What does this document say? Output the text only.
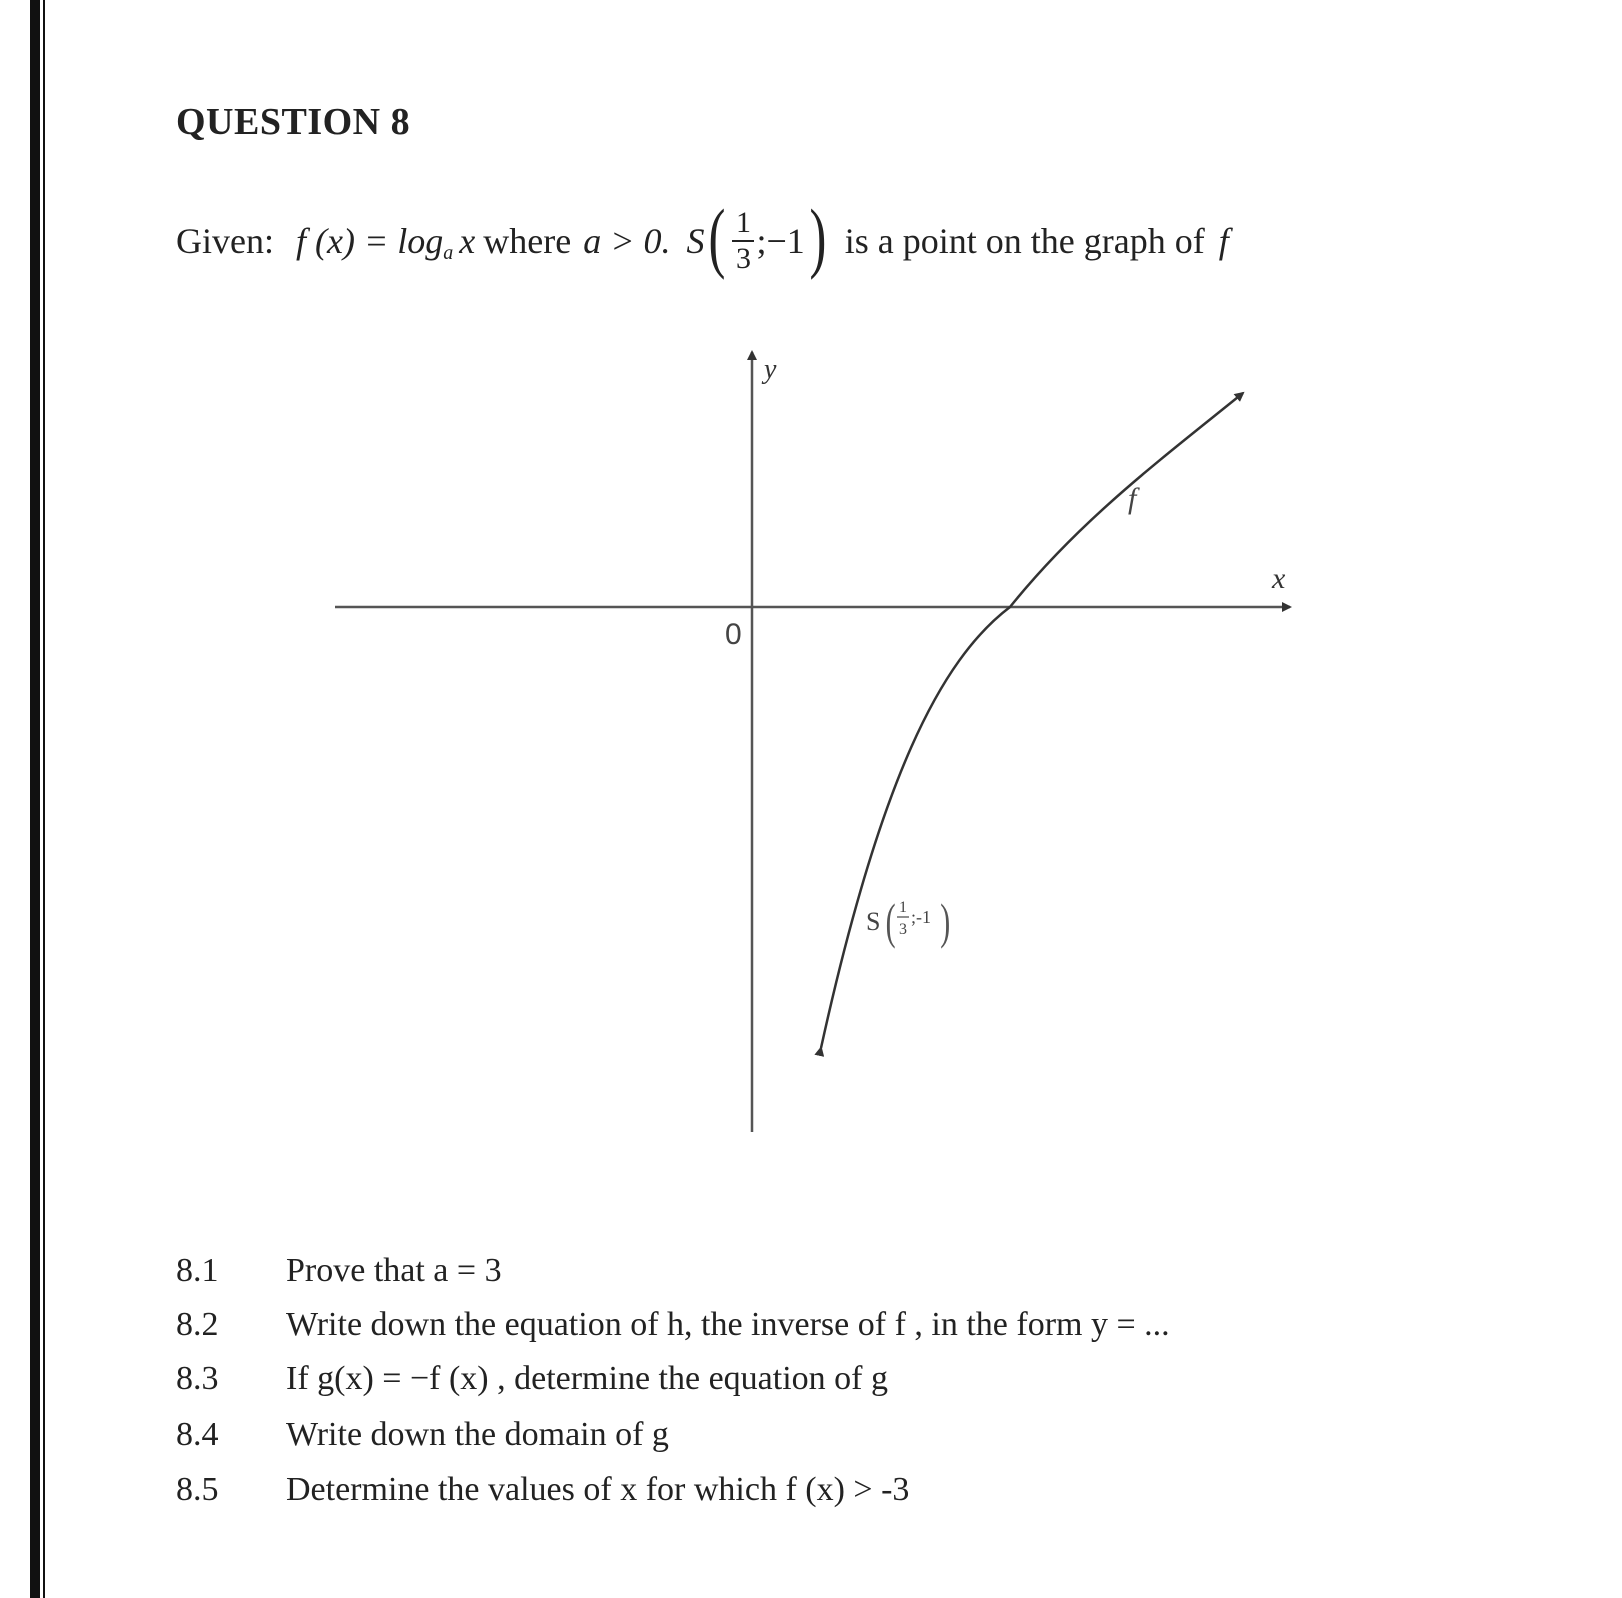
QUESTION 8
Given: f (x) = log a x where a > 0. S ( $\frac{1}{3}$ ;−1 ) is a point on the graph of f
y
x
0
f
S ( 1
3
;-1 )
8.1 Prove that a = 3
8.2 Write down the equation of h, the inverse of f , in the form y = ...
8.3 If g(x) = −f (x) , determine the equation of g
8.4 Write down the domain of g
8.5 Determine the values of x for which f (x) > -3
